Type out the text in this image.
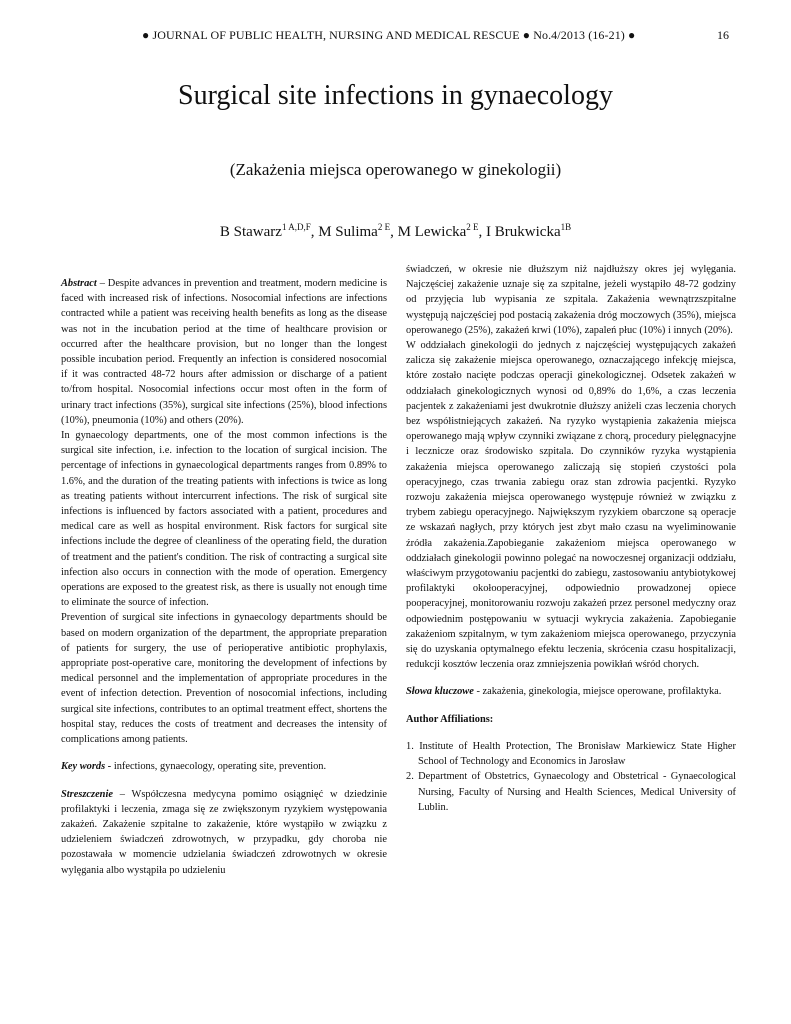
● JOURNAL OF PUBLIC HEALTH, NURSING AND MEDICAL RESCUE ● No.4/2013 (16-21) ●	16
Surgical site infections in gynaecology
(Zakażenia miejsca operowanego w ginekologii)
B Stawarz$^{1 A,D,F}$, M Sulima$^{2 E}$, M Lewicka$^{2 E}$, I Brukwicka$^{1B}$

Abstract – Despite advances in prevention and treatment, modern medicine is faced with increased risk of infections. Nosocomial infections are infections contracted while a patient was receiving health benefits as long as the disease was not in the incubation period at the time of healthcare provision or occurred after the healthcare provision, but no longer than the longest possible incubation period. Frequently an infection is considered nosocomial if it was contracted 48-72 hours after admission or discharge of a patient to/from hospital. Nosocomial infections occur most often in the form of urinary tract infections (35%), surgical site infections (25%), blood infections (10%), pneumonia (10%) and others (20%).

In gynaecology departments, one of the most common infections is the surgical site infection, i.e. infection to the location of surgical incision. The percentage of infections in gynaecological departments ranges from 0.89% to 1.6%, and the duration of the treating patients with infections is twice as long as treating patients without intercurrent infections. The risk of surgical site infections is influenced by factors associated with a patient, procedures and medical care as well as hospital environment. Risk factors for surgical site infections include the degree of cleanliness of the operating field, the duration of treatment and the patient's condition. The risk of contracting a surgical site infection also occurs in connection with the mode of operation. Emergency operations are exposed to the greatest risk, as there is usually not enough time to eliminate the source of infection.

Prevention of surgical site infections in gynaecology departments should be based on modern organization of the department, the appropriate preparation of patients for surgery, the use of perioperative antibiotic prophylaxis, appropriate post-operative care, monitoring the development of infections by medical personnel and the implementation of appropriate procedures in the event of infection detection. Prevention of nosocomial infections, including surgical site infections, contributes to an optimal treatment effect, shortens the hospital stay, reduces the costs of treatment and decreases the intensity of complications among patients.

Key words - infections, gynaecology, operating site, prevention.

Streszczenie – Współczesna medycyna pomimo osiągnięć w dziedzinie profilaktyki i leczenia, zmaga się ze zwiększonym ryzykiem występowania zakażeń. Zakażenie szpitalne to zakażenie, które wystąpiło w związku z udzieleniem świadczeń zdrowotnych, w przypadku, gdy choroba nie pozostawała w momencie udzielania świadczeń zdrowotnych w okresie wylęgania albo wystąpiła po udzieleniu

świadczeń, w okresie nie dłuższym niż najdłuższy okres jej wylęgania. Najczęściej zakażenie uznaje się za szpitalne, jeżeli wystąpiło 48-72 godziny od przyjęcia lub wypisania ze szpitala. Zakażenia wewnątrzszpitalne występują najczęściej pod postacią zakażenia dróg moczowych (35%), miejsca operowanego (25%), zakażeń krwi (10%), zapaleń płuc (10%) i innych (20%).

W oddziałach ginekologii do jednych z najczęściej występujących zakażeń zalicza się zakażenie miejsca operowanego, oznaczającego infekcję miejsca, które zostało nacięte podczas operacji ginekologicznej. Odsetek zakażeń w oddziałach ginekologicznych wynosi od 0,89% do 1,6%, a czas leczenia pacjentek z zakażeniami jest dwukrotnie dłuższy aniżeli czas leczenia chorych bez współistniejących zakażeń. Na ryzyko wystąpienia zakażenia miejsca operowanego mają wpływ czynniki związane z chorą, procedury pielęgnacyjne i lecznicze oraz środowisko szpitala. Do czynników ryzyka wystąpienia zakażenia miejsca operowanego zaliczają się stopień czystości pola operacyjnego, czas trwania zabiegu oraz stan zdrowia pacjentki. Ryzyko rozwoju zakażenia miejsca operowanego występuje również w związku z trybem zabiegu operacyjnego. Największym ryzykiem obarczone są operacje ze wskazań nagłych, przy których jest zbyt mało czasu na wyeliminowanie źródła zakażenia.Zapobieganie zakażeniom miejsca operowanego w oddziałach ginekologii powinno polegać na nowoczesnej organizacji oddziału, właściwym przygotowaniu pacjentki do zabiegu, zastosowaniu antybiotykowej profilaktyki okołooperacyjnej, odpowiednio prowadzonej opiece pooperacyjnej, monitorowaniu rozwoju zakażeń przez personel medyczny oraz odpowiednim postępowaniu w sytuacji wykrycia zakażenia. Zapobieganie zakażeniom szpitalnym, w tym zakażeniom miejsca operowanego, przyczynia się do uzyskania optymalnego efektu leczenia, skrócenia czasu hospitalizacji, redukcji kosztów leczenia oraz zmniejszenia powikłań wśród chorych.

Słowa kluczowe - zakażenia, ginekologia, miejsce operowane, profilaktyka.

Author Affiliations:

1. Institute of Health Protection, The Bronisław Markiewicz State Higher School of Technology and Economics in Jarosław
2. Department of Obstetrics, Gynaecology and Obstetrical - Gynaecological Nursing, Faculty of Nursing and Health Sciences, Medical University of Lublin.
